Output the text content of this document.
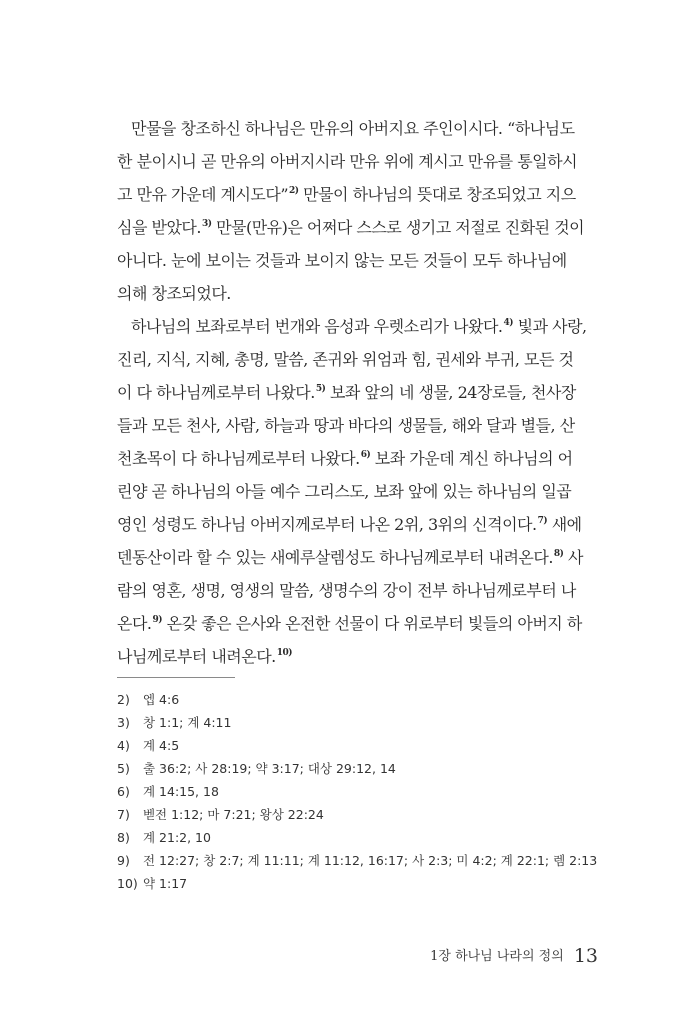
만물을 창조하신 하나님은 만유의 아버지요 주인이시다. “하나님도
한 분이시니 곧 만유의 아버지시라 만유 위에 계시고 만유를 통일하시
고 만유 가운데 계시도다”$^{2)}$ 만물이 하나님의 뜻대로 창조되었고 지으
심을 받았다.$^{3)}$ 만물(만유)은 어쩌다 스스로 생기고 저절로 진화된 것이
아니다. 눈에 보이는 것들과 보이지 않는 모든 것들이 모두 하나님에
의해 창조되었다.
하나님의 보좌로부터 번개와 음성과 우렛소리가 나왔다.$^{4)}$ 빛과 사랑,
진리, 지식, 지혜, 총명, 말씀, 존귀와 위엄과 힘, 권세와 부귀, 모든 것
이 다 하나님께로부터 나왔다.$^{5)}$ 보좌 앞의 네 생물, 24장로들, 천사장
들과 모든 천사, 사람, 하늘과 땅과 바다의 생물들, 해와 달과 별들, 산
천초목이 다 하나님께로부터 나왔다.$^{6)}$ 보좌 가운데 계신 하나님의 어
린양 곧 하나님의 아들 예수 그리스도, 보좌 앞에 있는 하나님의 일곱
영인 성령도 하나님 아버지께로부터 나온 2위, 3위의 신격이다.$^{7)}$ 새에
덴동산이라 할 수 있는 새예루살렘성도 하나님께로부터 내려온다.$^{8)}$ 사
람의 영혼, 생명, 영생의 말씀, 생명수의 강이 전부 하나님께로부터 나
온다.$^{9)}$ 온갖 좋은 은사와 온전한 선물이 다 위로부터 빛들의 아버지 하
나님께로부터 내려온다.$^{10)}$
2) 엡 4:6
3) 창 1:1; 계 4:11
4) 계 4:5
5) 출 36:2; 사 28:19; 약 3:17; 대상 29:12, 14
6) 계 14:15, 18
7) 벧전 1:12; 마 7:21; 왕상 22:24
8) 계 21:2, 10
9) 전 12:27; 창 2:7; 계 11:11; 계 11:12, 16:17; 사 2:3; 미 4:2; 계 22:1; 렘 2:13
10) 약 1:17
1장 하나님 나라의 정의 13
